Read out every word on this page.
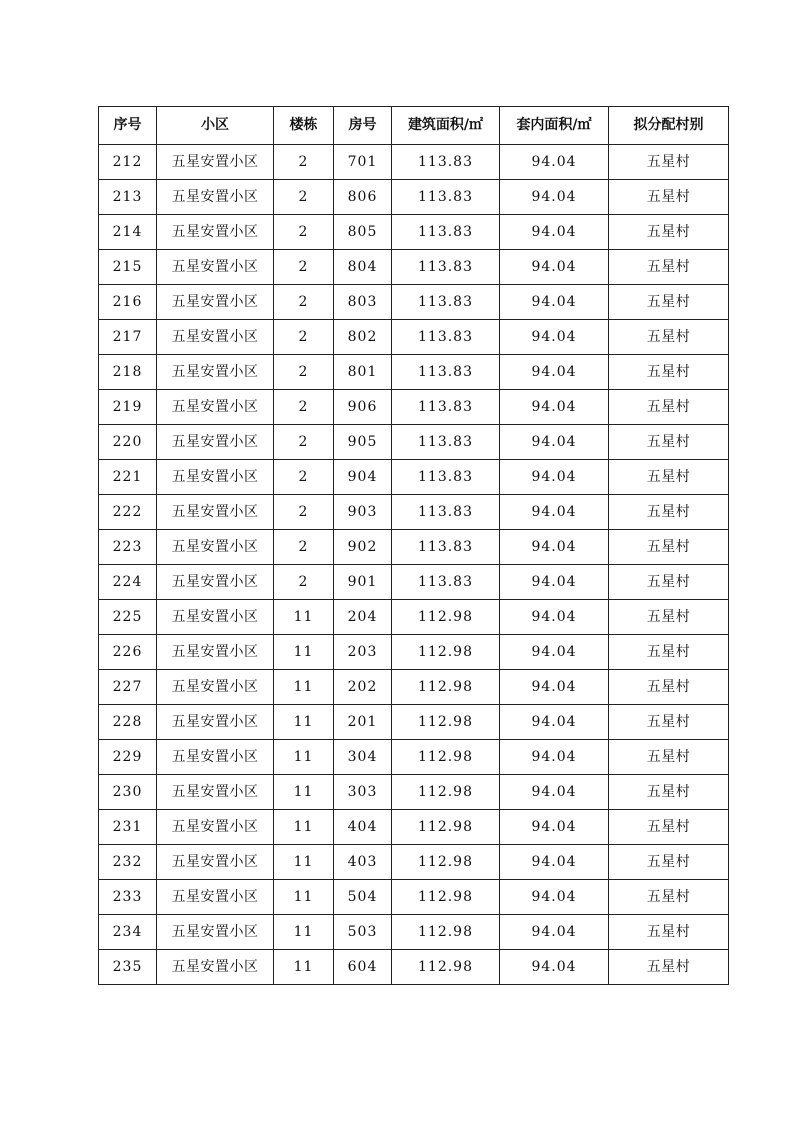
序号	小区	楼栋	房号	建筑面积/㎡	套内面积/㎡	拟分配村别
212	五星安置小区	2	701	113.83	94.04	五星村
213	五星安置小区	2	806	113.83	94.04	五星村
214	五星安置小区	2	805	113.83	94.04	五星村
215	五星安置小区	2	804	113.83	94.04	五星村
216	五星安置小区	2	803	113.83	94.04	五星村
217	五星安置小区	2	802	113.83	94.04	五星村
218	五星安置小区	2	801	113.83	94.04	五星村
219	五星安置小区	2	906	113.83	94.04	五星村
220	五星安置小区	2	905	113.83	94.04	五星村
221	五星安置小区	2	904	113.83	94.04	五星村
222	五星安置小区	2	903	113.83	94.04	五星村
223	五星安置小区	2	902	113.83	94.04	五星村
224	五星安置小区	2	901	113.83	94.04	五星村
225	五星安置小区	11	204	112.98	94.04	五星村
226	五星安置小区	11	203	112.98	94.04	五星村
227	五星安置小区	11	202	112.98	94.04	五星村
228	五星安置小区	11	201	112.98	94.04	五星村
229	五星安置小区	11	304	112.98	94.04	五星村
230	五星安置小区	11	303	112.98	94.04	五星村
231	五星安置小区	11	404	112.98	94.04	五星村
232	五星安置小区	11	403	112.98	94.04	五星村
233	五星安置小区	11	504	112.98	94.04	五星村
234	五星安置小区	11	503	112.98	94.04	五星村
235	五星安置小区	11	604	112.98	94.04	五星村
